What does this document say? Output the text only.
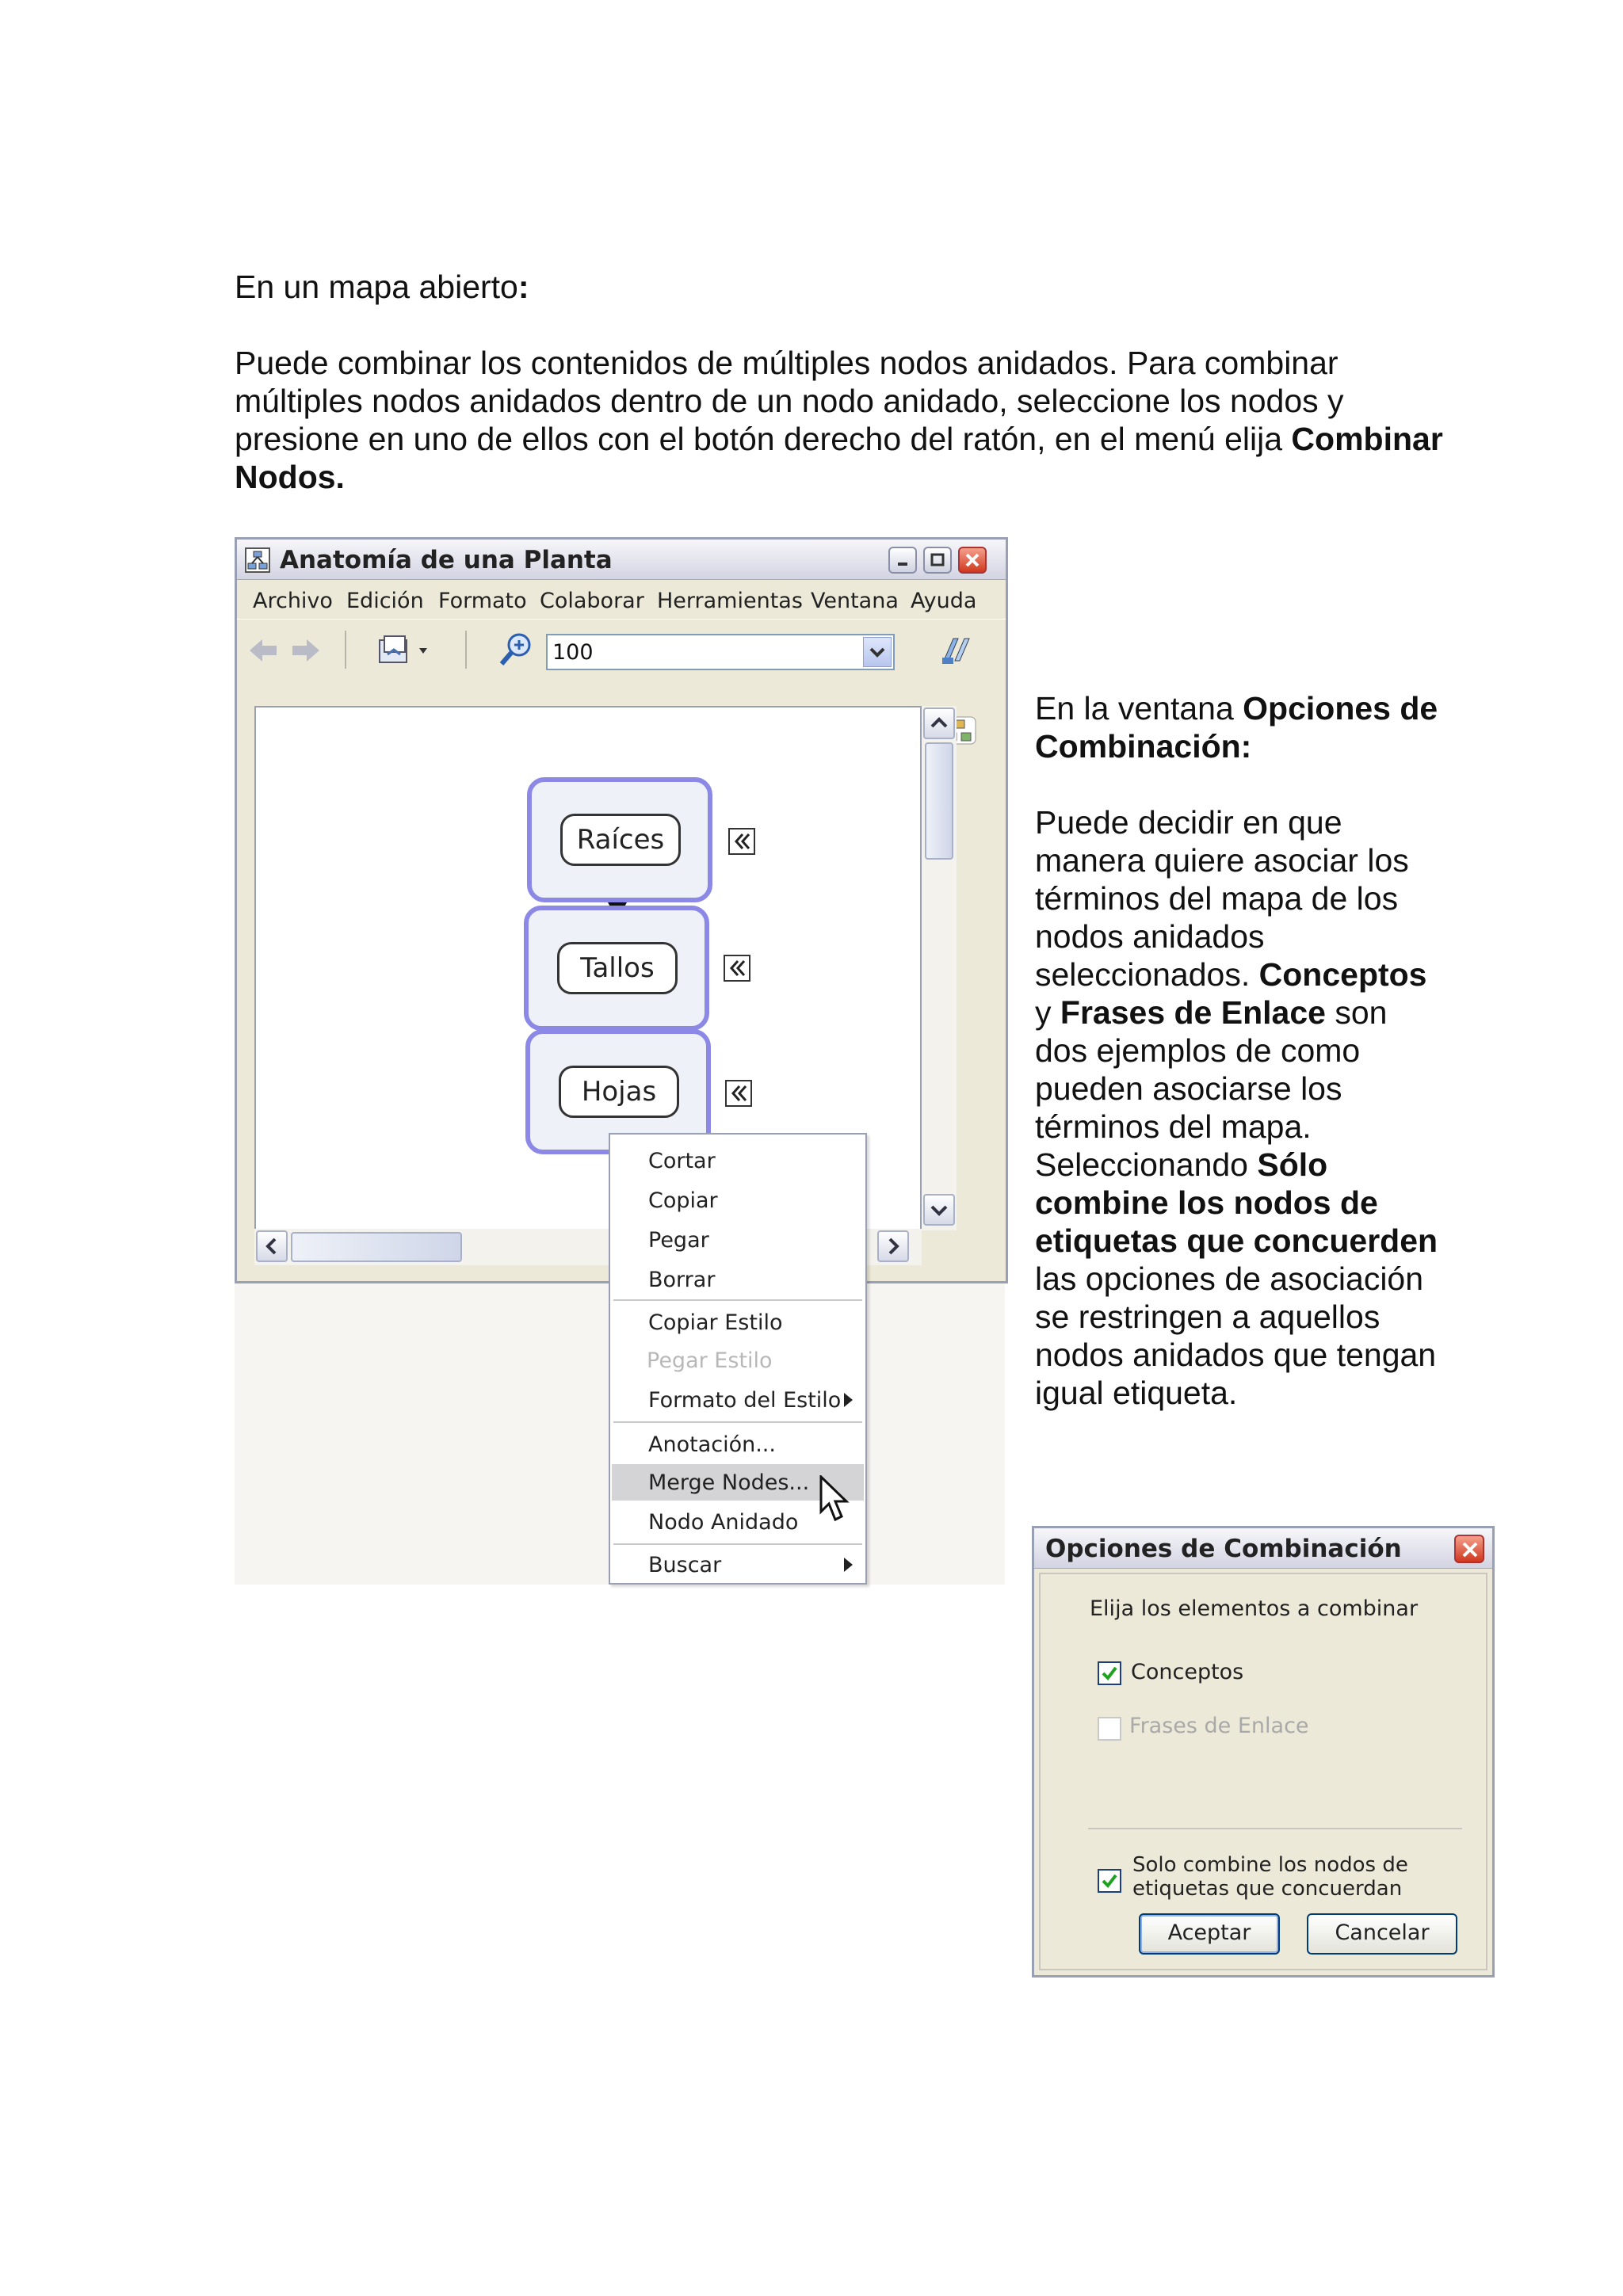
En un mapa abierto:
Puede combinar los contenidos de múltiples nodos anidados. Para combinar múltiples nodos anidados dentro de un nodo anidado, seleccione los nodos y presione en uno de ellos con el botón derecho del ratón, en el menú elija Combinar Nodos.
En la ventana Opciones de Combinación:
Puede decidir en que manera quiere asociar los términos del mapa de los nodos anidados seleccionados. Conceptos y Frases de Enlace son dos ejemplos de como pueden asociarse los términos del mapa. Seleccionando Sólo combine los nodos de etiquetas que concuerden las opciones de asociación se restringen a aquellos nodos anidados que tengan igual etiqueta.
Anatomía de una Planta
Archivo Edición Formato Colaborar Herramientas Ventana Ayuda
100
Raíces
Tallos
Hojas
Cortar
Copiar
Pegar
Borrar
Copiar Estilo
Pegar Estilo
Formato del Estilo
Anotación...
Merge Nodes...
Nodo Anidado
Buscar
Opciones de Combinación
Elija los elementos a combinar
Conceptos
Frases de Enlace
Solo combine los nodos de
etiquetas que concuerdan
Aceptar	Cancelar
